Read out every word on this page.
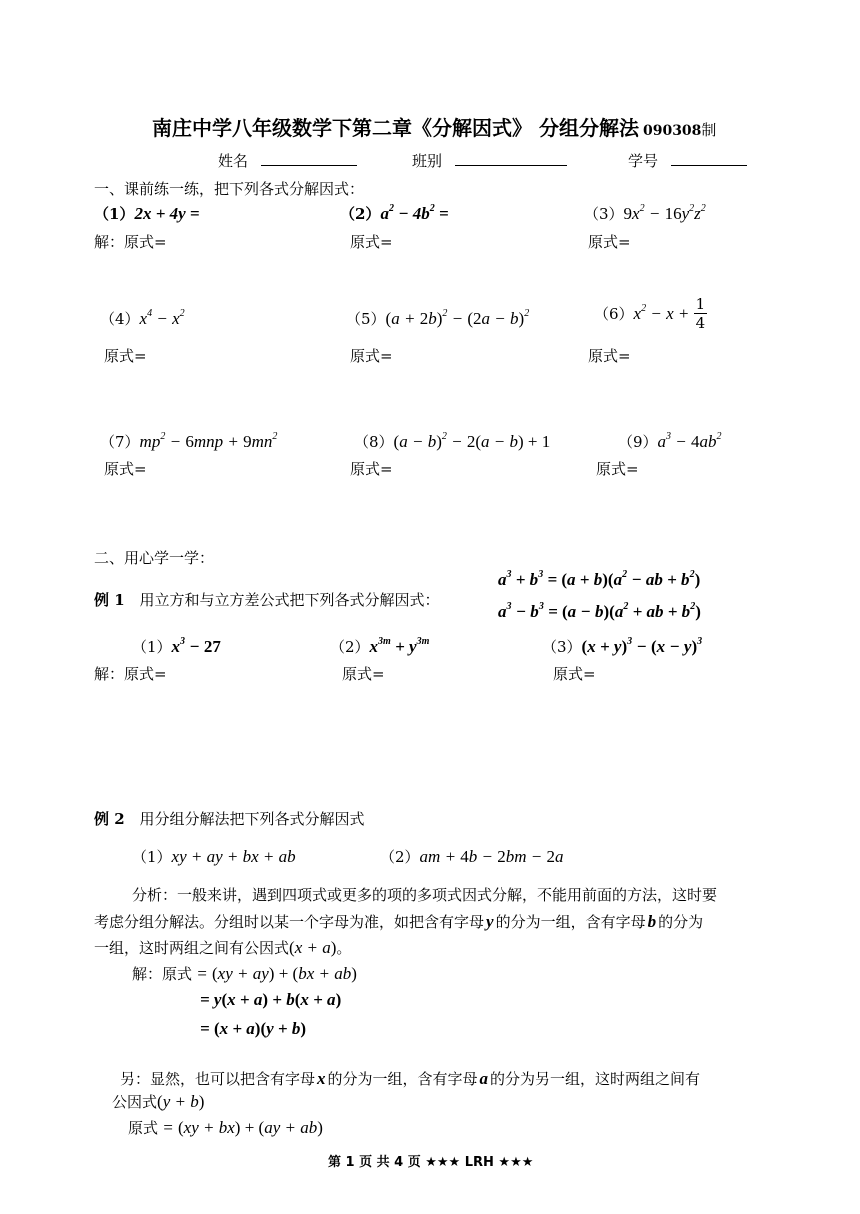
南庄中学八年级数学下第二章《分解因式》 分组分解法 090308制
姓名	班别	学号
一、课前练一练，把下列各式分解因式：
（1）2x + 4y =	$(2)a^2 - 4b^2$ =	$(3)9x^2 - 16y^2z^2$
解：原式=	原式=	原式=
$(4)x^4 - x^2$	$(5)(a + 2b)^2 - (2a - b)^2$	$(6)x^2 - x + \frac{1}{4}$
原式=	原式=	原式=
$(7)mp^2 - 6mnp + 9mn^2$	$(8)(a - b)^2 - 2(a - b) + 1$	$(9)a^3 - 4ab^2$
原式=	原式=	原式=
二、用心学一学：
$a^3 + b^3 = (a + b)(a^2$ − ab + $b^2$)
$a^3 - b^3 = (a - b)(a^2$ + ab + $b^2$)
例 1 用立方和与立方差公式把下列各式分解因式：
$(1)x^3 - 27$	$(2)x^{3m} + y^{3m}$	$(3)(x + y)^3 - (x - y)^3$
解：原式=	原式=	原式=
例 2 用分组分解法把下列各式分解因式
（1）xy + ay + bx + ab	（2）am + 4b − 2bm − 2a
分析：一般来讲，遇到四项式或更多的项的多项式因式分解，不能用前面的方法，这时要
考虑分组分解法。分组时以某一个字母为准，如把含有字母 y 的分为一组，含有字母 b 的分为
一组，这时两组之间有公因式(x + a)。
解：原式 = (xy + ay) + (bx + ab)
= y(x + a) + b(x + a)
= (x + a)(y + b)
另：显然，也可以把含有字母 x 的分为一组，含有字母 a 的分为另一组，这时两组之间有
公因式(y + b)
原式 = (xy + bx) + (ay + ab)
第 1 页 共 4 页 ★★★ LRH ★★★
